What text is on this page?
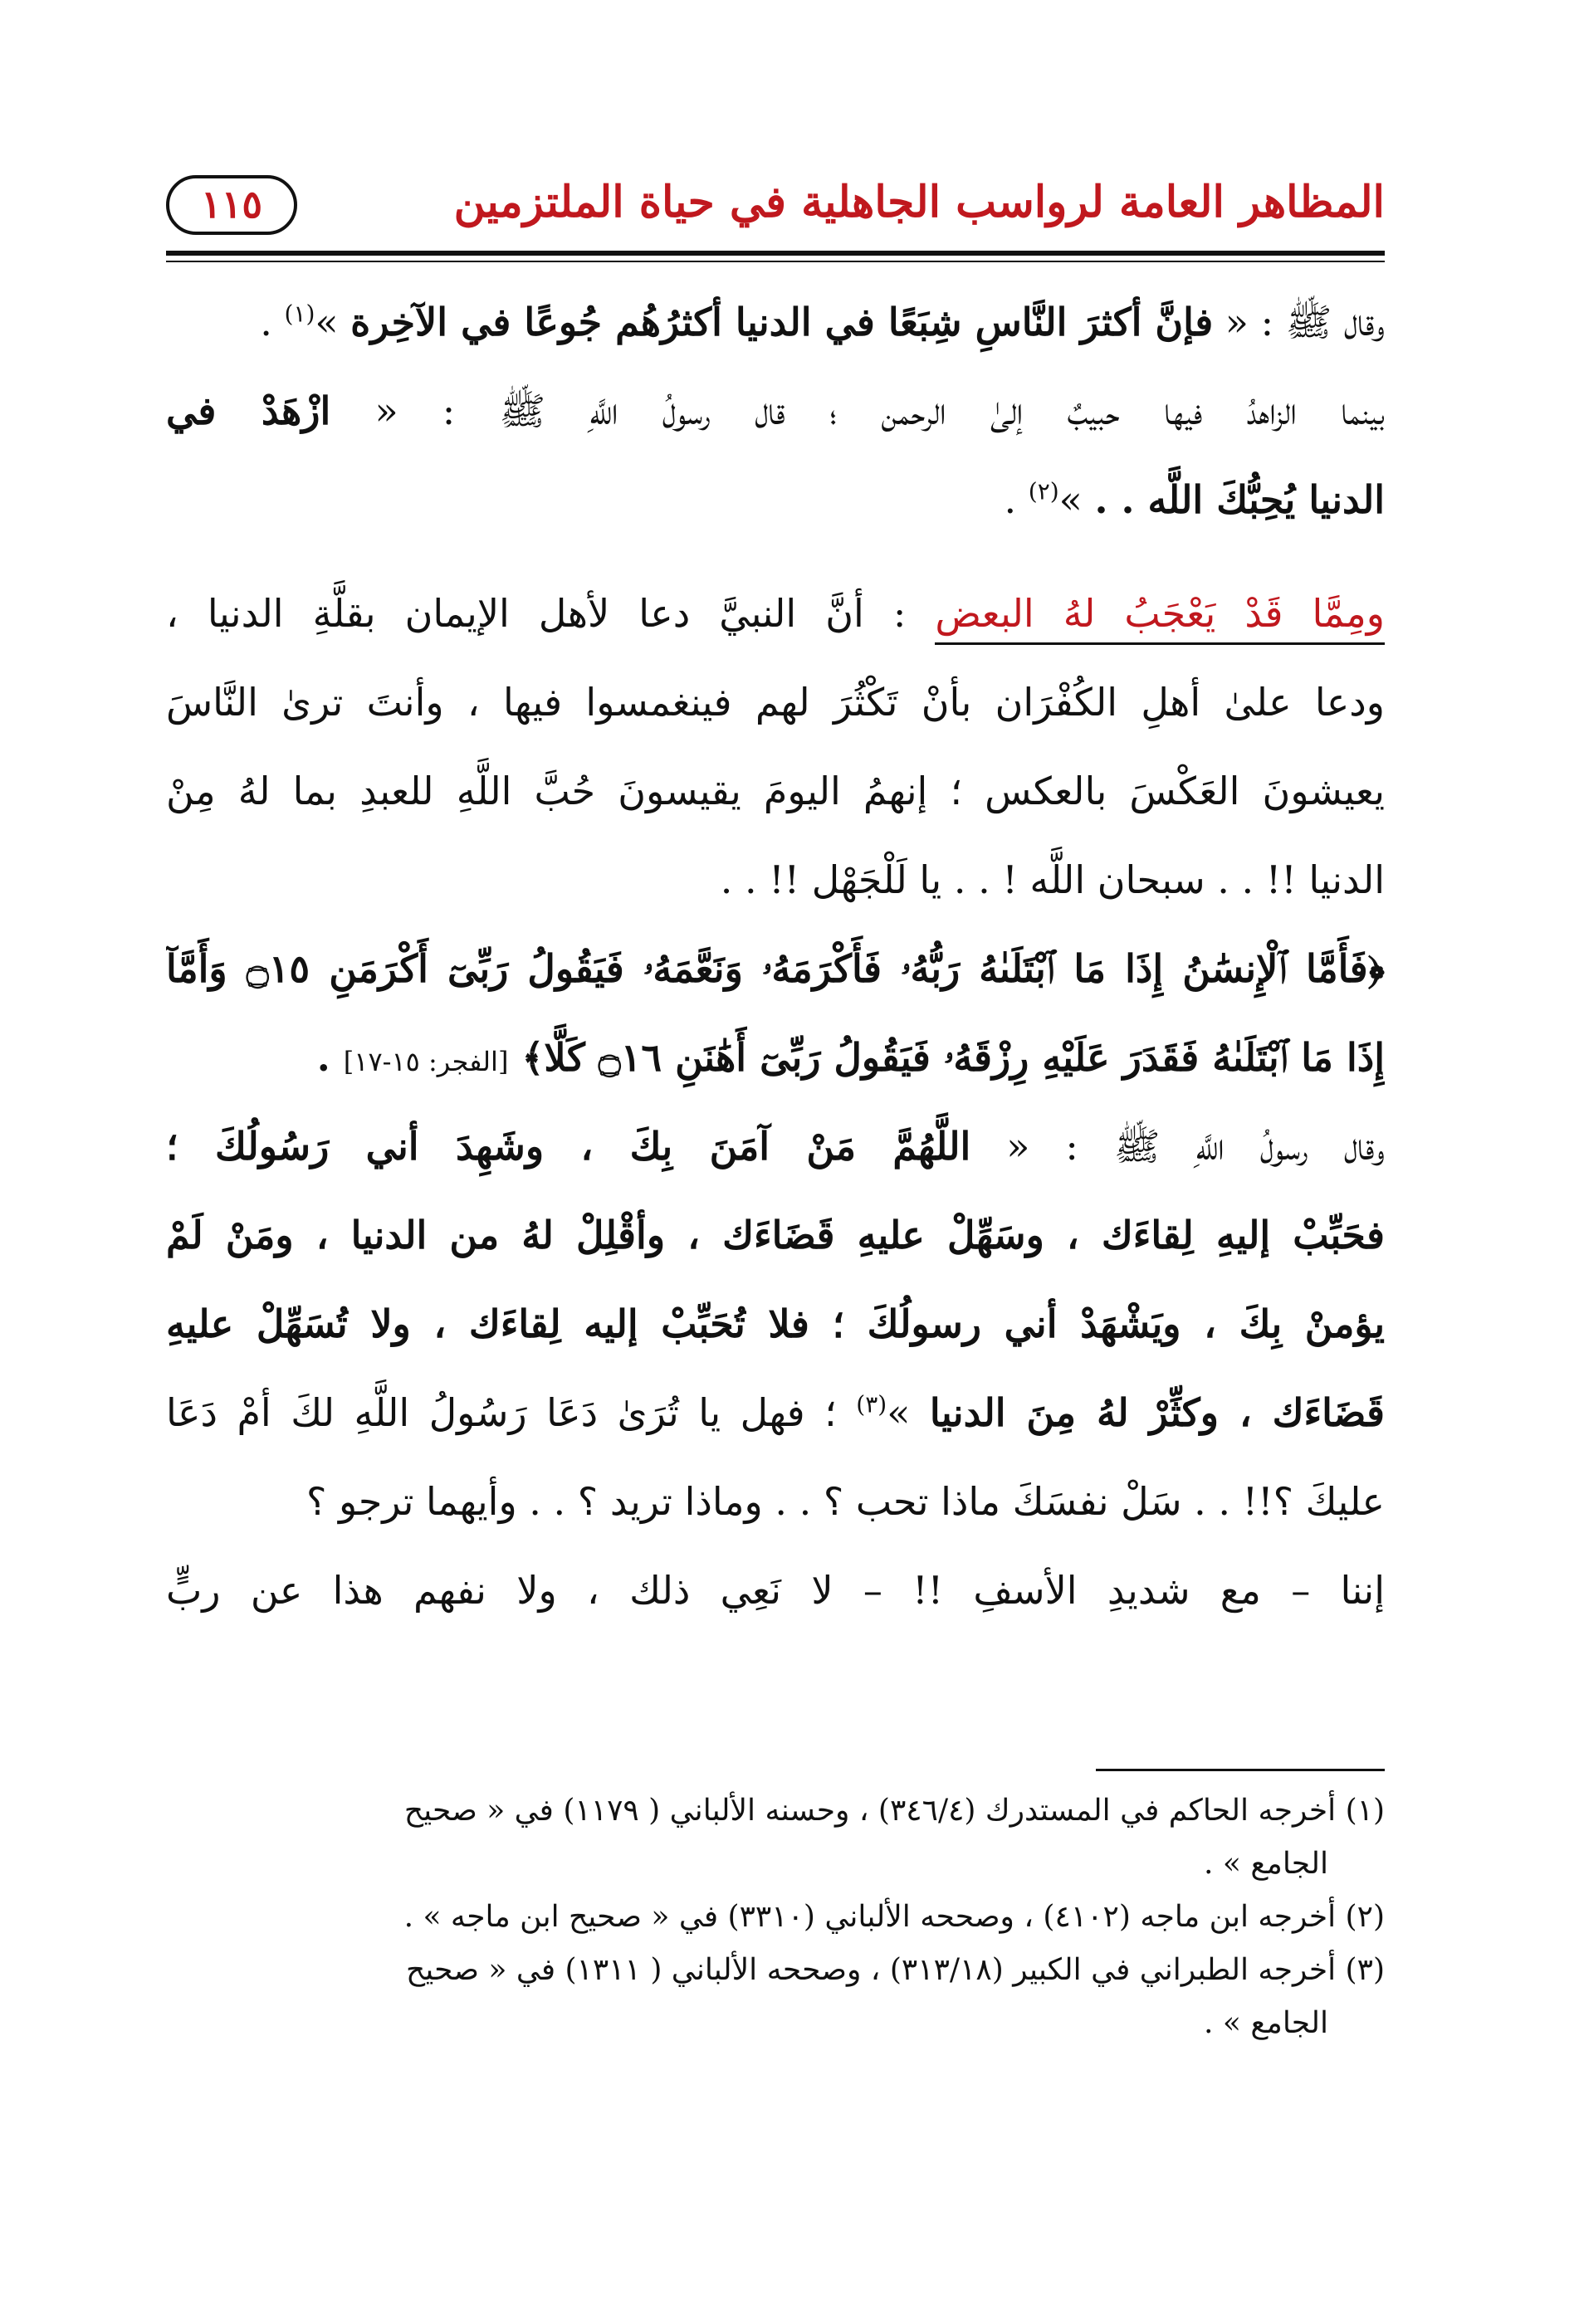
المظاهر العامة لرواسب الجاهلية في حياة الملتزمين
١١٥
وقال ﷺ : « فإنَّ أكثرَ النَّاسِ شِبَعًا في الدنيا أكثرُهُم جُوعًا في الآخِرة »$^{(١)}$ .
بينما الزاهدُ فيها حبيبٌ إلىٰ الرحمن ؛ قال رسولُ اللَّهِ ﷺ : « ازْهَدْ في
الدنيا يُحِبُّكَ اللَّه . . »$^{(٢)}$ .
ومِمَّا قَدْ يَعْجَبُ لهُ البعض : أنَّ النبيَّ دعا لأهل الإيمان بقلَّةِ الدنيا ،
ودعا علىٰ أهلِ الكُفْرَان بأنْ تَكْثُرَ لهم فينغمسوا فيها ، وأنتَ ترىٰ النَّاسَ
يعيشونَ العَكْسَ بالعكس ؛ إنهمُ اليومَ يقيسونَ حُبَّ اللَّهِ للعبدِ بما لهُ مِنْ
الدنيا !! . . سبحان اللَّه ! . . يا لَلْجَهْل !! . .
﴿فَأَمَّا ٱلْإِنسَٰنُ إِذَا مَا ٱبْتَلَىٰهُ رَبُّهُۥ فَأَكْرَمَهُۥ وَنَعَّمَهُۥ فَيَقُولُ رَبِّىٓ أَكْرَمَنِ ۝١٥ وَأَمَّآ
إِذَا مَا ٱبْتَلَىٰهُ فَقَدَرَ عَلَيْهِ رِزْقَهُۥ فَيَقُولُ رَبِّىٓ أَهَٰنَنِ ۝١٦ كَلَّا﴾ [الفجر: ١٥-١٧] .
وقال رسولُ اللَّهِ ﷺ : « اللَّهُمَّ مَنْ آمَنَ بِكَ ، وشَهِدَ أني رَسُولُكَ ؛
فحَبِّبْ إليهِ لِقاءَك ، وسَهِّلْ عليهِ قَضَاءَك ، وأقْلِلْ لهُ من الدنيا ، ومَنْ لَمْ
يؤمنْ بِكَ ، ويَشْهَدْ أني رسولُكَ ؛ فلا تُحَبِّبْ إليه لِقاءَك ، ولا تُسَهِّلْ عليهِ
قَضَاءَك ، وكثِّرْ لهُ مِنَ الدنيا »$^{(٣)}$ ؛ فهل يا تُرَىٰ دَعَا رَسُولُ اللَّهِ لكَ أمْ دَعَا
عليكَ ؟!! . . سَلْ نفسَكَ ماذا تحب ؟ . . وماذا تريد ؟ . . وأيهما ترجو ؟
إننا – مع شديدِ الأسفِ !! – لا نَعِي ذلك ، ولا نفهم هذا عن ربٍّ
(١) أخرجه الحاكم في المستدرك (٣٤٦/٤) ، وحسنه الألباني ( ١١٧٩) في « صحيح
الجامع » .
(٢) أخرجه ابن ماجه (٤١٠٢) ، وصححه الألباني (٣٣١٠) في « صحيح ابن ماجه » .
(٣) أخرجه الطبراني في الكبير (٣١٣/١٨) ، وصححه الألباني ( ١٣١١) في « صحيح
الجامع » .
